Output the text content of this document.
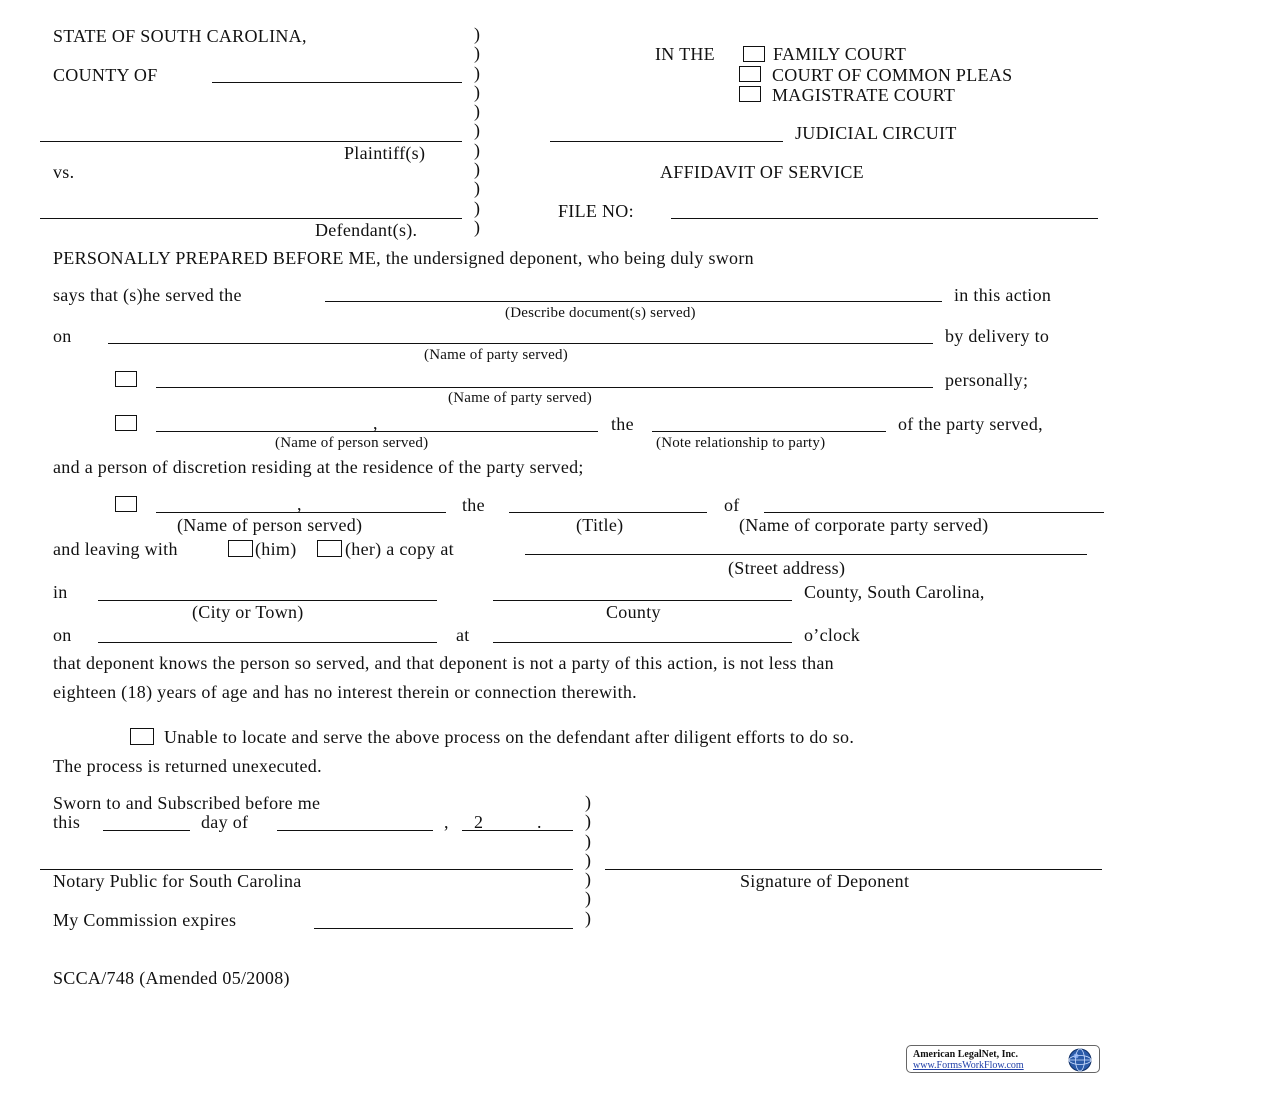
STATE OF SOUTH CAROLINA,
COUNTY OF
Plaintiff(s)
vs.
Defendant(s).
)
)
)
)
)
)
)
)
)
)
)
IN THE	FAMILY COURT
COURT OF COMMON PLEAS
MAGISTRATE COURT
JUDICIAL CIRCUIT
AFFIDAVIT OF SERVICE
FILE NO:
PERSONALLY PREPARED BEFORE ME, the undersigned deponent, who being duly sworn
says that (s)he served the	in this action
(Describe document(s) served)
on	by delivery to
(Name of party served)
personally;
(Name of party served)
,	the	of the party served,
(Name of person served)	(Note relationship to party)
and a person of discretion residing at the residence of the party served;
,	the	of
(Name of person served)	(Title)	(Name of corporate party served)
and leaving with	(him)	(her) a copy at
(Street address)
in	County, South Carolina,
(City or Town)	County
on	at	o’clock
that deponent knows the person so served, and that deponent is not a party of this action, is not less than
eighteen (18) years of age and has no interest therein or connection therewith.
Unable to locate and serve the above process on the defendant after diligent efforts to do so.
The process is returned unexecuted.
Sworn to and Subscribed before me
this	day of	, 2	.
Notary Public for South Carolina
My Commission expires
)
)
)
)
)
)
)
Signature of Deponent
SCCA/748 (Amended 05/2008)
American LegalNet, Inc.
www.FormsWorkFlow.com
